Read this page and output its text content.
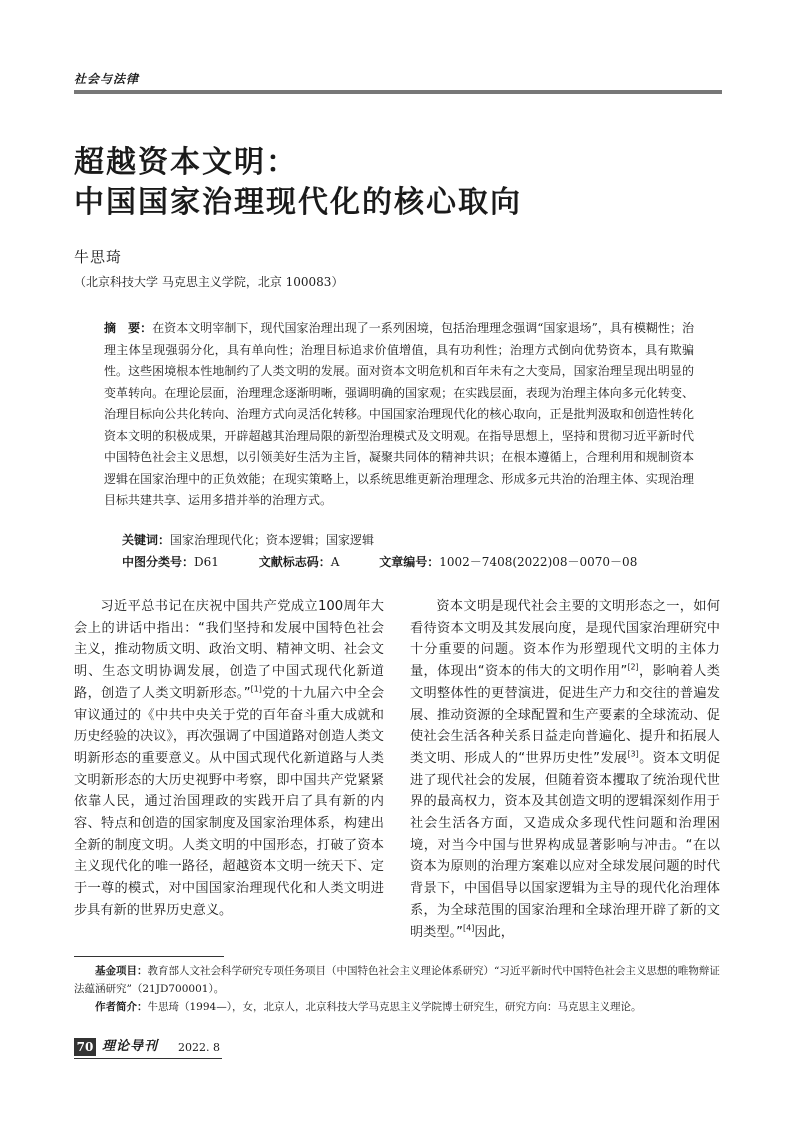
社会与法律
超越资本文明：
中国国家治理现代化的核心取向
牛思琦
（北京科技大学 马克思主义学院，北京 100083）
摘　要：在资本文明宰制下，现代国家治理出现了一系列困境，包括治理理念强调“国家退场”，具有模糊性；治理主体呈现强弱分化，具有单向性；治理目标追求价值增值，具有功利性；治理方式倒向优势资本，具有欺骗性。这些困境根本性地制约了人类文明的发展。面对资本文明危机和百年未有之大变局，国家治理呈现出明显的变革转向。在理论层面，治理理念逐渐明晰，强调明确的国家观；在实践层面，表现为治理主体向多元化转变、治理目标向公共化转向、治理方式向灵活化转移。中国国家治理现代化的核心取向，正是批判汲取和创造性转化资本文明的积极成果，开辟超越其治理局限的新型治理模式及文明观。在指导思想上，坚持和贯彻习近平新时代中国特色社会主义思想，以引领美好生活为主旨，凝聚共同体的精神共识；在根本遵循上，合理利用和规制资本逻辑在国家治理中的正负效能；在现实策略上，以系统思维更新治理理念、形成多元共治的治理主体、实现治理目标共建共享、运用多措并举的治理方式。
关键词：国家治理现代化；资本逻辑；国家逻辑
中图分类号：D61	文献标志码：A	文章编号：1002－7408(2022)08－0070－08

习近平总书记在庆祝中国共产党成立100周年大会上的讲话中指出：“我们坚持和发展中国特色社会主义，推动物质文明、政治文明、精神文明、社会文明、生态文明协调发展，创造了中国式现代化新道路，创造了人类文明新形态。”[1]党的十九届六中全会审议通过的《中共中央关于党的百年奋斗重大成就和历史经验的决议》，再次强调了中国道路对创造人类文明新形态的重要意义。从中国式现代化新道路与人类文明新形态的大历史视野中考察，即中国共产党紧紧依靠人民，通过治国理政的实践开启了具有新的内容、特点和创造的国家制度及国家治理体系，构建出全新的制度文明。人类文明的中国形态，打破了资本主义现代化的唯一路径，超越资本文明一统天下、定于一尊的模式，对中国国家治理现代化和人类文明进步具有新的世界历史意义。

资本文明是现代社会主要的文明形态之一，如何看待资本文明及其发展向度，是现代国家治理研究中十分重要的问题。资本作为形塑现代文明的主体力量，体现出“资本的伟大的文明作用”[2]，影响着人类文明整体性的更替演进，促进生产力和交往的普遍发展、推动资源的全球配置和生产要素的全球流动、促使社会生活各种关系日益走向普遍化、提升和拓展人类文明、形成人的“世界历史性”发展[3]。资本文明促进了现代社会的发展，但随着资本攫取了统治现代世界的最高权力，资本及其创造文明的逻辑深刻作用于社会生活各方面，又造成众多现代性问题和治理困境，对当今中国与世界构成显著影响与冲击。“在以资本为原则的治理方案难以应对全球发展问题的时代背景下，中国倡导以国家逻辑为主导的现代化治理体系，为全球范围的国家治理和全球治理开辟了新的文明类型。”[4]因此，

基金项目：教育部人文社会科学研究专项任务项目（中国特色社会主义理论体系研究）“习近平新时代中国特色社会主义思想的唯物辩证法蕴涵研究”（21JD700001）。

作者简介：牛思琦（1994—），女，北京人，北京科技大学马克思主义学院博士研究生，研究方向：马克思主义理论。

70 理论导刊 2022. 8
